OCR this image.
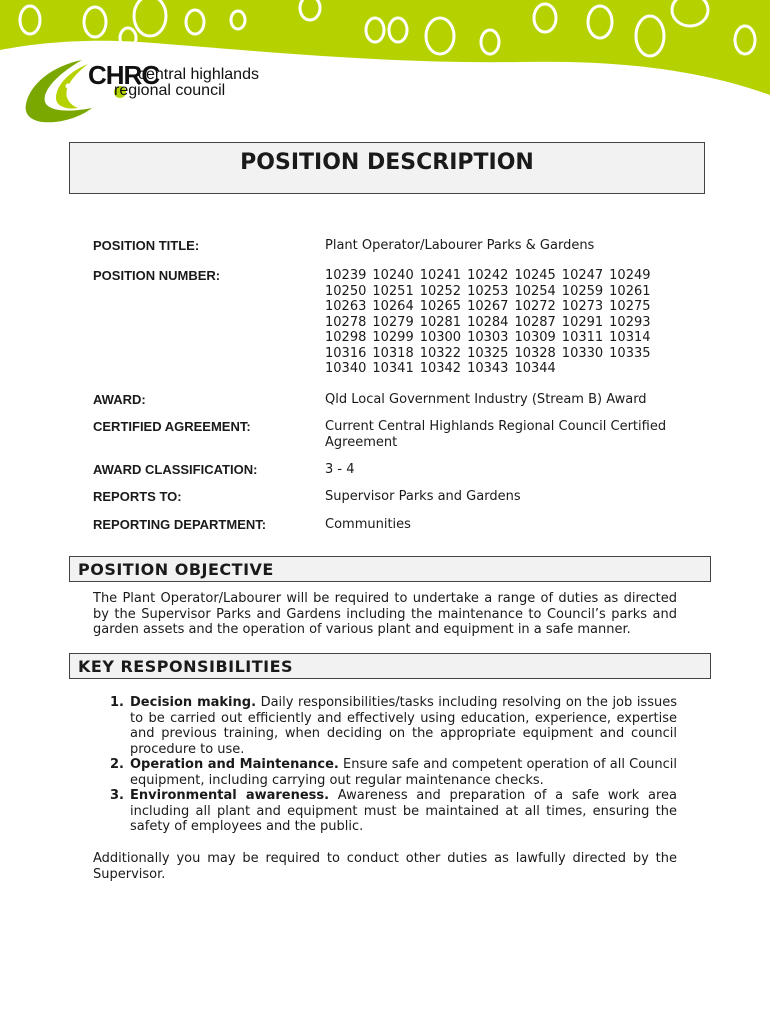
CHRC
central highlands
regional council
POSITION DESCRIPTION
POSITION TITLE:	Plant Operator/Labourer Parks & Gardens
POSITION NUMBER:	10239 10240 10241 10242 10245 10247 10249
10250 10251 10252 10253 10254 10259 10261
10263 10264 10265 10267 10272 10273 10275
10278 10279 10281 10284 10287 10291 10293
10298 10299 10300 10303 10309 10311 10314
10316 10318 10322 10325 10328 10330 10335
10340 10341 10342 10343 10344
AWARD:	Qld Local Government Industry (Stream B) Award
CERTIFIED AGREEMENT:	Current Central Highlands Regional Council Certified Agreement
AWARD CLASSIFICATION:	3 - 4
REPORTS TO:	Supervisor Parks and Gardens
REPORTING DEPARTMENT:	Communities
POSITION OBJECTIVE
The Plant Operator/Labourer will be required to undertake a range of duties as directed by the Supervisor Parks and Gardens including the maintenance to Council’s parks and garden assets and the operation of various plant and equipment in a safe manner.
KEY RESPONSIBILITIES
1. Decision making. Daily responsibilities/tasks including resolving on the job issues to be carried out efficiently and effectively using education, experience, expertise and previous training, when deciding on the appropriate equipment and council procedure to use.
2. Operation and Maintenance. Ensure safe and competent operation of all Council equipment, including carrying out regular maintenance checks.
3. Environmental awareness. Awareness and preparation of a safe work area including all plant and equipment must be maintained at all times, ensuring the safety of employees and the public.
Additionally you may be required to conduct other duties as lawfully directed by the Supervisor.
